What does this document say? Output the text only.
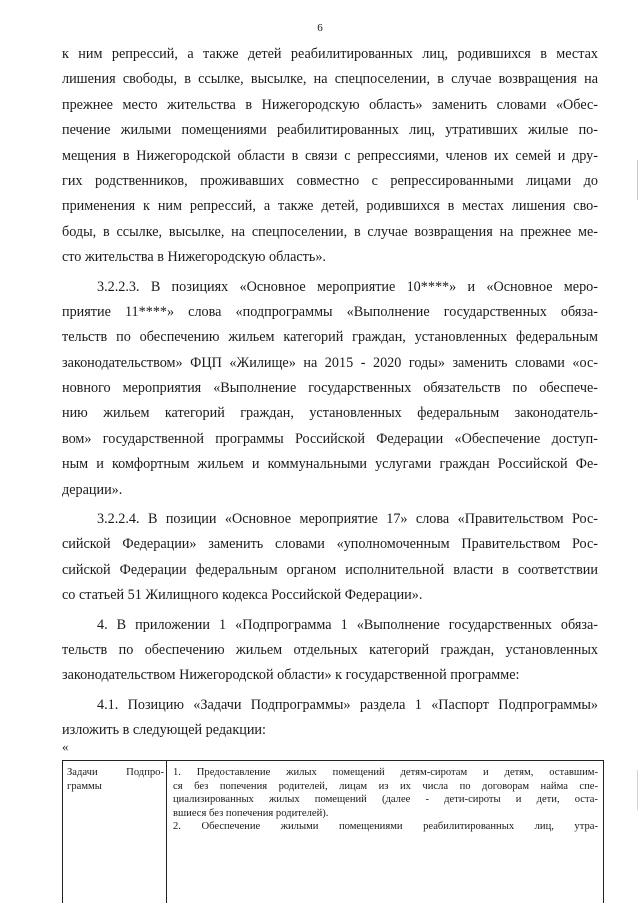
6
к ним репрессий, а также детей реабилитированных лиц, родившихся в местах
лишения свободы, в ссылке, высылке, на спецпоселении, в случае возвращения на
прежнее место жительства в Нижегородскую область» заменить словами «Обес-
печение жилыми помещениями реабилитированных лиц, утративших жилые по-
мещения в Нижегородской области в связи с репрессиями, членов их семей и дру-
гих родственников, проживавших совместно с репрессированными лицами до
применения к ним репрессий, а также детей, родившихся в местах лишения сво-
боды, в ссылке, высылке, на спецпоселении, в случае возвращения на прежнее ме-
сто жительства в Нижегородскую область».
3.2.2.3. В позициях «Основное мероприятие 10****» и «Основное меро-
приятие 11****» слова «подпрограммы «Выполнение государственных обяза-
тельств по обеспечению жильем категорий граждан, установленных федеральным
законодательством» ФЦП «Жилище» на 2015 - 2020 годы» заменить словами «ос-
новного мероприятия «Выполнение государственных обязательств по обеспече-
нию жильем категорий граждан, установленных федеральным законодатель-
вом» государственной программы Российской Федерации «Обеспечение доступ-
ным и комфортным жильем и коммунальными услугами граждан Российской Фе-
дерации».
3.2.2.4. В позиции «Основное мероприятие 17» слова «Правительством Рос-
сийской Федерации» заменить словами «уполномоченным Правительством Рос-
сийской Федерации федеральным органом исполнительной власти в соответствии
со статьей 51 Жилищного кодекса Российской Федерации».
4. В приложении 1 «Подпрограмма 1 «Выполнение государственных обяза-
тельств по обеспечению жильем отдельных категорий граждан, установленных
законодательством Нижегородской области» к государственной программе:
4.1. Позицию «Задачи Подпрограммы» раздела 1 «Паспорт Подпрограммы»
изложить в следующей редакции:
«
Задачи Подпро-
граммы
1. Предоставление жилых помещений детям-сиротам и детям, оставшим-
ся без попечения родителей, лицам из их числа по договорам найма спе-
циализированных жилых помещений (далее - дети-сироты и дети, оста-
вшиеся без попечения родителей).
2. Обеспечение жилыми помещениями реабилитированных лиц, утра-
